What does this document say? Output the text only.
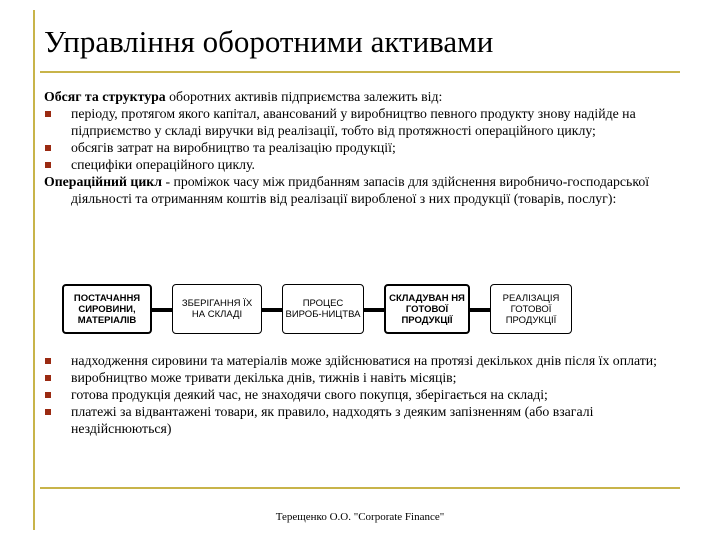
Управління оборотними активами

Обсяг та структура оборотних активів підприємства залежить від:

періоду, протягом якого капітал, авансований у виробництво певного продукту знову надійде на підприємство у складі виручки від реалізації, тобто від протяжності операційного циклу;

обсягів затрат на виробництво та реалізацію продукції;

специфіки операційного циклу.

Операційний цикл - проміжок часу між придбанням запасів для здійснення виробничо-господарської діяльності та отриманням коштів від реалізації виробленої з них продукції (товарів, послуг):

ПОСТАЧАННЯ СИРОВИНИ, МАТЕРІАЛІВ
ЗБЕРІГАННЯ ЇХ НА СКЛАДІ
ПРОЦЕС ВИРОБ-НИЦТВА
СКЛАДУВАН НЯ ГОТОВОЇ ПРОДУКЦІЇ
РЕАЛІЗАЦІЯ ГОТОВОЇ ПРОДУКЦІЇ

надходження сировини та матеріалів може здійснюватися на протязі декількох днів після їх оплати;

виробництво може тривати декілька днів, тижнів і навіть місяців;

готова продукція деякий час, не знаходячи свого покупця, зберігається на складі;

платежі за відвантажені товари, як правило, надходять з деяким запізненням (або взагалі нездійснюються)

Терещенко О.О. "Corporate Finance"
